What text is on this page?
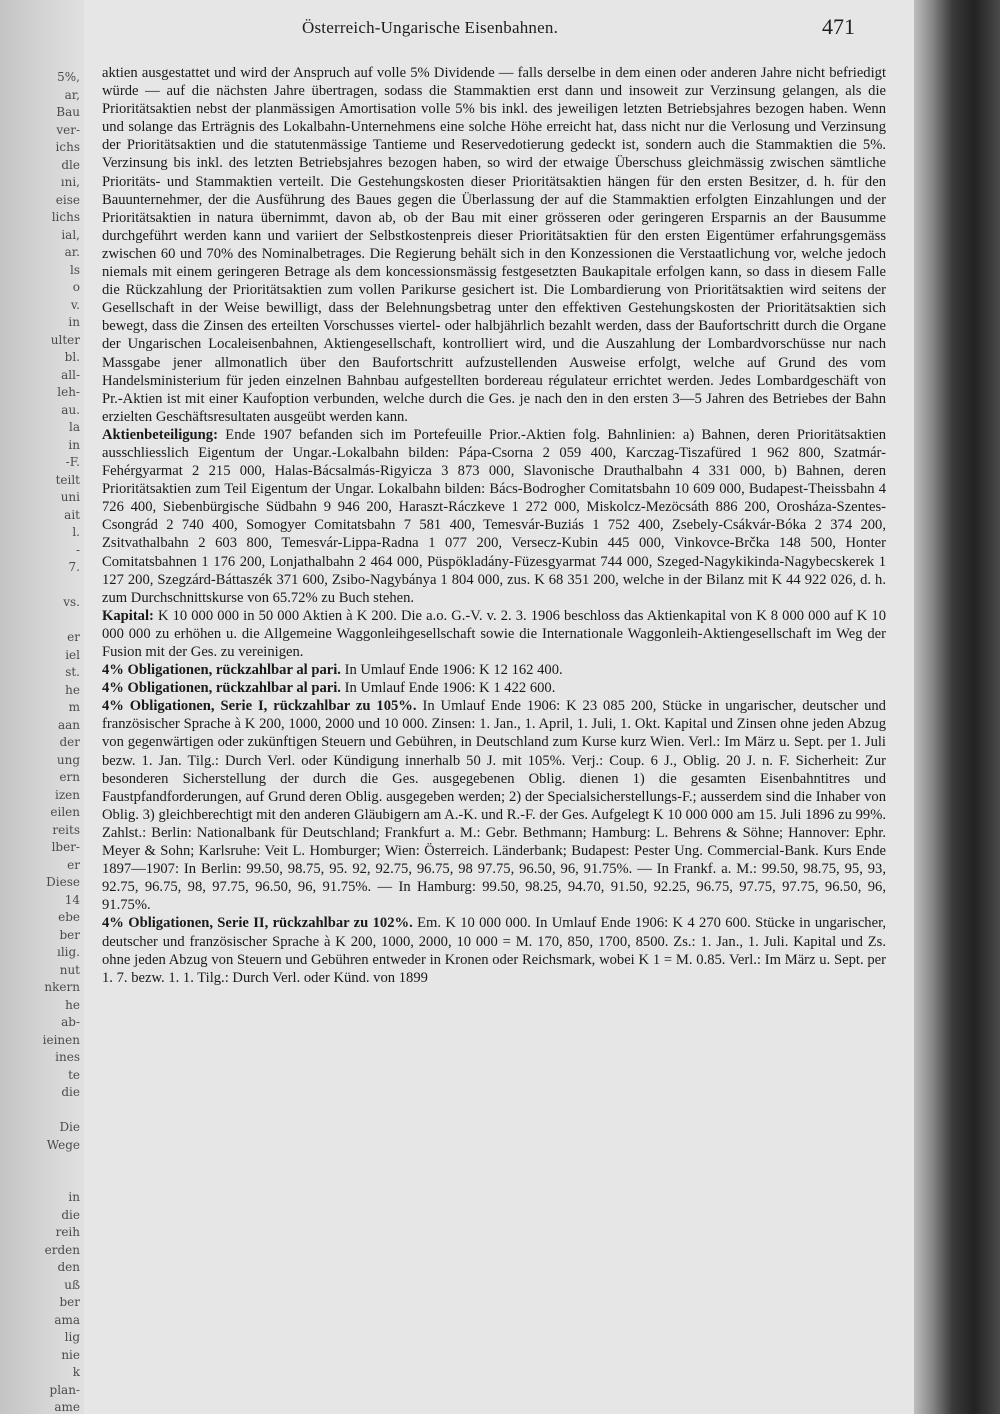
5%,
ar,
Bau
ver-
ichs
dle
ıni,
eise
lichs
ial,
ar.
ls
o
v.
in
ulter
bl.
all-
leh-
au.
la
in
-F.
teilt
uni
ait
l.
-
7.
vs.
er
iel
st.
he
m
aan
der
ung
ern
izen
eilen
reits
lber-
er
Diese
14
ebe
ber
ılig.
nut
nkern
he
ab-
ieinen
ines
te
die
Die
Wege
in
die
reih
erden
den
uß
ber
ama
lig
nie
k
plan-
ame
Österreich-Ungarische Eisenbahnen.	471

aktien ausgestattet und wird der Anspruch auf volle 5% Dividende — falls derselbe in dem einen oder anderen Jahre nicht befriedigt würde — auf die nächsten Jahre übertragen, sodass die Stammaktien erst dann und insoweit zur Verzinsung gelangen, als die Prioritätsaktien nebst der planmässigen Amortisation volle 5% bis inkl. des jeweiligen letzten Betriebsjahres bezogen haben. Wenn und solange das Erträgnis des Lokalbahn-Unternehmens eine solche Höhe erreicht hat, dass nicht nur die Verlosung und Verzinsung der Prioritätsaktien und die statutenmässige Tantieme und Reservedotierung gedeckt ist, sondern auch die Stammaktien die 5%. Verzinsung bis inkl. des letzten Betriebsjahres bezogen haben, so wird der etwaige Überschuss gleichmässig zwischen sämtliche Prioritäts- und Stammaktien verteilt. Die Gestehungskosten dieser Prioritätsaktien hängen für den ersten Besitzer, d. h. für den Bauunternehmer, der die Ausführung des Baues gegen die Überlassung der auf die Stammaktien erfolgten Einzahlungen und der Prioritätsaktien in natura übernimmt, davon ab, ob der Bau mit einer grösseren oder geringeren Ersparnis an der Bausumme durchgeführt werden kann und variiert der Selbstkostenpreis dieser Prioritätsaktien für den ersten Eigentümer erfahrungsgemäss zwischen 60 und 70% des Nominalbetrages. Die Regierung behält sich in den Konzessionen die Verstaatlichung vor, welche jedoch niemals mit einem geringeren Betrage als dem koncessionsmässig festgesetzten Baukapitale erfolgen kann, so dass in diesem Falle die Rückzahlung der Prioritätsaktien zum vollen Parikurse gesichert ist. Die Lombardierung von Prioritätsaktien wird seitens der Gesellschaft in der Weise bewilligt, dass der Belehnungsbetrag unter den effektiven Gestehungskosten der Prioritätsaktien sich bewegt, dass die Zinsen des erteilten Vorschusses viertel- oder halbjährlich bezahlt werden, dass der Baufortschritt durch die Organe der Ungarischen Localeisenbahnen, Aktiengesellschaft, kontrolliert wird, und die Auszahlung der Lombardvorschüsse nur nach Massgabe jener allmonatlich über den Baufortschritt aufzustellenden Ausweise erfolgt, welche auf Grund des vom Handelsministerium für jeden einzelnen Bahnbau aufgestellten bordereau régulateur errichtet werden. Jedes Lombardgeschäft von Pr.-Aktien ist mit einer Kaufoption verbunden, welche durch die Ges. je nach den in den ersten 3—5 Jahren des Betriebes der Bahn erzielten Geschäftsresultaten ausgeübt werden kann.

Aktienbeteiligung: Ende 1907 befanden sich im Portefeuille Prior.-Aktien folg. Bahnlinien: a) Bahnen, deren Prioritätsaktien ausschliesslich Eigentum der Ungar.-Lokalbahn bilden: Pápa-Csorna 2 059 400, Karczag-Tiszafüred 1 962 800, Szatmár-Fehérgyarmat 2 215 000, Halas-Bácsalmás-Rigyicza 3 873 000, Slavonische Drauthalbahn 4 331 000, b) Bahnen, deren Prioritätsaktien zum Teil Eigentum der Ungar. Lokalbahn bilden: Bács-Bodrogher Comitatsbahn 10 609 000, Budapest-Theissbahn 4 726 400, Siebenbürgische Südbahn 9 946 200, Haraszt-Ráczkeve 1 272 000, Miskolcz-Mezöcsáth 886 200, Orosháza-Szentes-Csongrád 2 740 400, Somogyer Comitatsbahn 7 581 400, Temesvár-Buziás 1 752 400, Zsebely-Csákvár-Bóka 2 374 200, Zsitvathalbahn 2 603 800, Temesvár-Lippa-Radna 1 077 200, Versecz-Kubin 445 000, Vinkovce-Brčka 148 500, Honter Comitatsbahnen 1 176 200, Lonjathalbahn 2 464 000, Püspökladány-Füzesgyarmat 744 000, Szeged-Nagykikinda-Nagybecskerek 1 127 200, Szegzárd-Báttaszék 371 600, Zsibo-Nagybánya 1 804 000, zus. K 68 351 200, welche in der Bilanz mit K 44 922 026, d. h. zum Durchschnittskurse von 65.72% zu Buch stehen.

Kapital: K 10 000 000 in 50 000 Aktien à K 200. Die a.o. G.-V. v. 2. 3. 1906 beschloss das Aktienkapital von K 8 000 000 auf K 10 000 000 zu erhöhen u. die Allgemeine Waggonleihgesellschaft sowie die Internationale Waggonleih-Aktiengesellschaft im Weg der Fusion mit der Ges. zu vereinigen.

4% Obligationen, rückzahlbar al pari. In Umlauf Ende 1906: K 12 162 400.

4% Obligationen, rückzahlbar al pari. In Umlauf Ende 1906: K 1 422 600.

4% Obligationen, Serie I, rückzahlbar zu 105%. In Umlauf Ende 1906: K 23 085 200, Stücke in ungarischer, deutscher und französischer Sprache à K 200, 1000, 2000 und 10 000. Zinsen: 1. Jan., 1. April, 1. Juli, 1. Okt. Kapital und Zinsen ohne jeden Abzug von gegenwärtigen oder zukünftigen Steuern und Gebühren, in Deutschland zum Kurse kurz Wien. Verl.: Im März u. Sept. per 1. Juli bezw. 1. Jan. Tilg.: Durch Verl. oder Kündigung innerhalb 50 J. mit 105%. Verj.: Coup. 6 J., Oblig. 20 J. n. F. Sicherheit: Zur besonderen Sicherstellung der durch die Ges. ausgegebenen Oblig. dienen 1) die gesamten Eisenbahntitres und Faustpfandforderungen, auf Grund deren Oblig. ausgegeben werden; 2) der Specialsicherstellungs-F.; ausserdem sind die Inhaber von Oblig. 3) gleichberechtigt mit den anderen Gläubigern am A.-K. und R.-F. der Ges. Aufgelegt K 10 000 000 am 15. Juli 1896 zu 99%. Zahlst.: Berlin: Nationalbank für Deutschland; Frankfurt a. M.: Gebr. Bethmann; Hamburg: L. Behrens & Söhne; Hannover: Ephr. Meyer & Sohn; Karlsruhe: Veit L. Homburger; Wien: Österreich. Länderbank; Budapest: Pester Ung. Commercial-Bank. Kurs Ende 1897—1907: In Berlin: 99.50, 98.75, 95. 92, 92.75, 96.75, 98 97.75, 96.50, 96, 91.75%. — In Frankf. a. M.: 99.50, 98.75, 95, 93, 92.75, 96.75, 98, 97.75, 96.50, 96, 91.75%. — In Hamburg: 99.50, 98.25, 94.70, 91.50, 92.25, 96.75, 97.75, 97.75, 96.50, 96, 91.75%.

4% Obligationen, Serie II, rückzahlbar zu 102%. Em. K 10 000 000. In Umlauf Ende 1906: K 4 270 600. Stücke in ungarischer, deutscher und französischer Sprache à K 200, 1000, 2000, 10 000 = M. 170, 850, 1700, 8500. Zs.: 1. Jan., 1. Juli. Kapital und Zs. ohne jeden Abzug von Steuern und Gebühren entweder in Kronen oder Reichsmark, wobei K 1 = M. 0.85. Verl.: Im März u. Sept. per 1. 7. bezw. 1. 1. Tilg.: Durch Verl. oder Künd. von 1899
